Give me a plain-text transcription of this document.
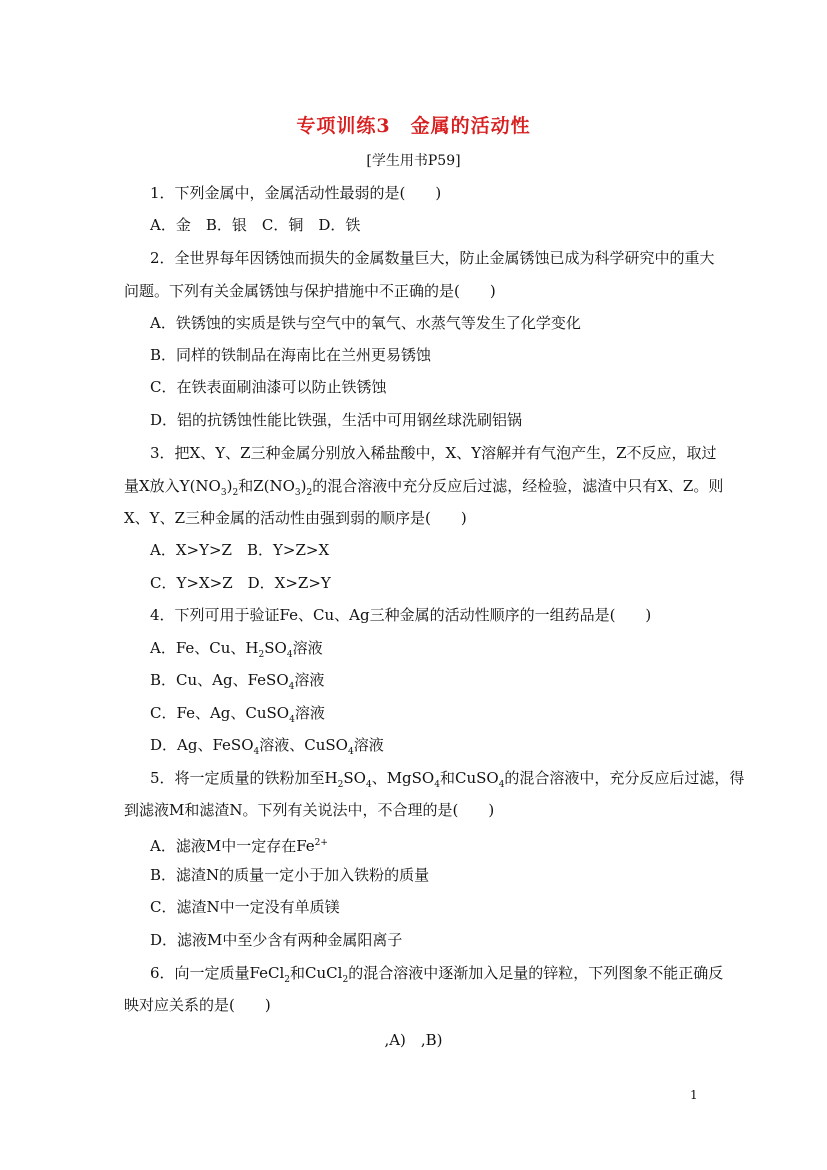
专项训练3　金属的活动性
[学生用书P59]
1．下列金属中，金属活动性最弱的是(　　)
A．金　B．银　C．铜　D．铁
2．全世界每年因锈蚀而损失的金属数量巨大，防止金属锈蚀已成为科学研究中的重大
问题。下列有关金属锈蚀与保护措施中不正确的是(　　)
A．铁锈蚀的实质是铁与空气中的氧气、水蒸气等发生了化学变化
B．同样的铁制品在海南比在兰州更易锈蚀
C．在铁表面刷油漆可以防止铁锈蚀
D．铝的抗锈蚀性能比铁强，生活中可用钢丝球洗刷铝锅
3．把X、Y、Z三种金属分别放入稀盐酸中，X、Y溶解并有气泡产生，Z不反应，取过
量X放入$Y(NO_3)_2$和$Z(NO_3)_2$的混合溶液中充分反应后过滤，经检验，滤渣中只有X、Z。则
X、Y、Z三种金属的活动性由强到弱的顺序是(　　)
A．X>Y>Z　B．Y>Z>X
C．Y>X>Z　D．X>Z>Y
4．下列可用于验证Fe、Cu、Ag三种金属的活动性顺序的一组药品是(　　)
A．Fe、Cu、$H_2SO_4$溶液
B．Cu、Ag、FeSO$_4$溶液
C．Fe、Ag、CuSO$_4$溶液
D．Ag、FeSO$_4$溶液、CuSO$_4$溶液
5．将一定质量的铁粉加至$H_2SO_4$、MgSO$_4$和CuSO$_4$的混合溶液中，充分反应后过滤，得
到滤液M和滤渣N。下列有关说法中，不合理的是(　　)
A．滤液M中一定存在$Fe^{2+}$
B．滤渣N的质量一定小于加入铁粉的质量
C．滤渣N中一定没有单质镁
D．滤液M中至少含有两种金属阳离子
6．向一定质量FeCl$_2$和CuCl$_2$的混合溶液中逐渐加入足量的锌粒，下列图象不能正确反
映对应关系的是(　　)
,A)　,B)
1
